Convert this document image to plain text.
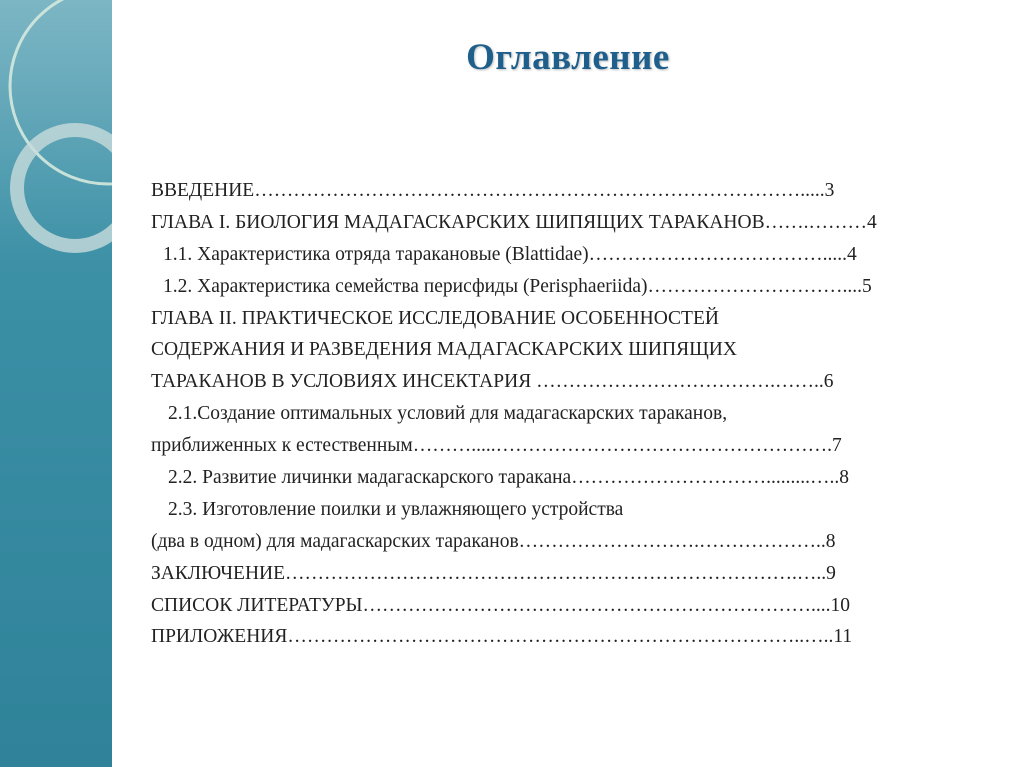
Оглавление
ВВЕДЕНИЕ………………………………………………………………………….....3
ГЛАВА I. БИОЛОГИЯ МАДАГАСКАРСКИХ ШИПЯЩИХ ТАРАКАНОВ…….………4
1.1. Характеристика отряда таракановые (Blattidae)……………………………….....4
1.2. Характеристика семейства перисфиды (Perisphaeriida)…………………………....5
ГЛАВА II. ПРАКТИЧЕСКОЕ ИССЛЕДОВАНИЕ ОСОБЕННОСТЕЙ
СОДЕРЖАНИЯ И РАЗВЕДЕНИЯ МАДАГАСКАРСКИХ ШИПЯЩИХ
ТАРАКАНОВ В УСЛОВИЯХ ИНСЕКТАРИЯ ……………………………….……..6
2.1.Создание оптимальных условий для мадагаскарских тараканов,
приближенных к естественным……….....…………………………………………….7
2.2. Развитие личинки мадагаскарского таракана………………………….........…..8
2.3. Изготовление поилки и увлажняющего устройства
(два в одном) для мадагаскарских тараканов……………………….………………..8
ЗАКЛЮЧЕНИЕ…………………………………………………………………….…..9
СПИСОК ЛИТЕРАТУРЫ……………………………………………………………....10
ПРИЛОЖЕНИЯ……………………………………………………………………..…..11
